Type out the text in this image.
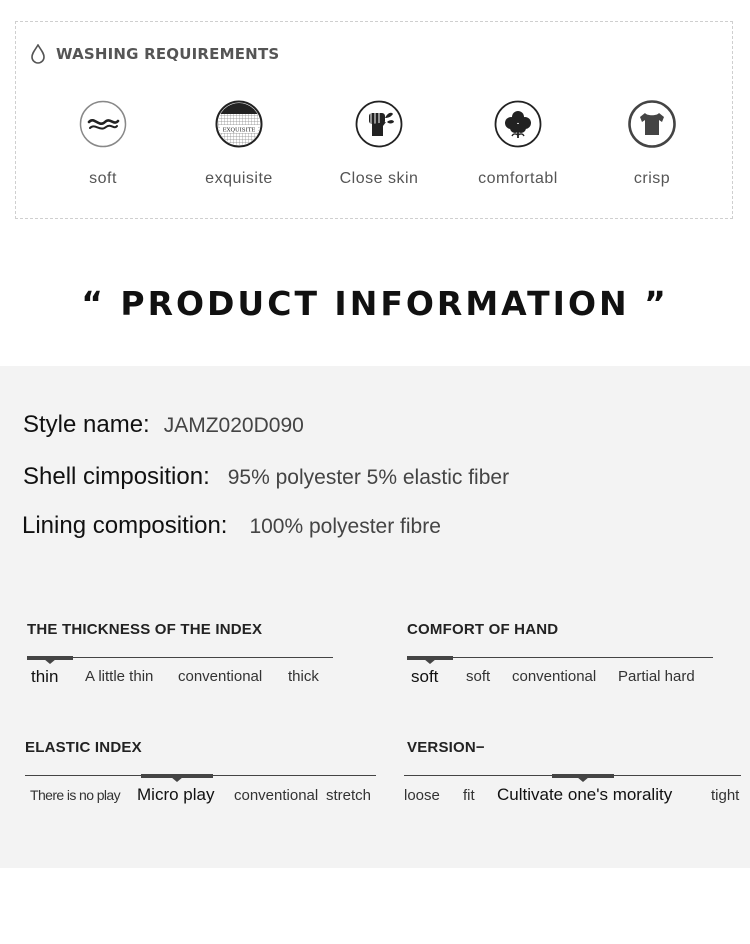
WASHING REQUIREMENTS
soft
EXQUISITE
exquisite	Close skin	comfortabl	crisp
“ PRODUCT INFORMATION ”
Style name: JAMZ020D090
Shell cimposition: 95% polyester 5% elastic fiber
Lining composition: 100% polyester fibre
THE THICKNESS OF THE INDEX
thin A little thin conventional thick
COMFORT OF HAND
soft soft conventional Partial hard
ELASTIC INDEX
There is no play Micro play conventional stretch
VERSION−
loose fit Cultivate one's morality	tight
